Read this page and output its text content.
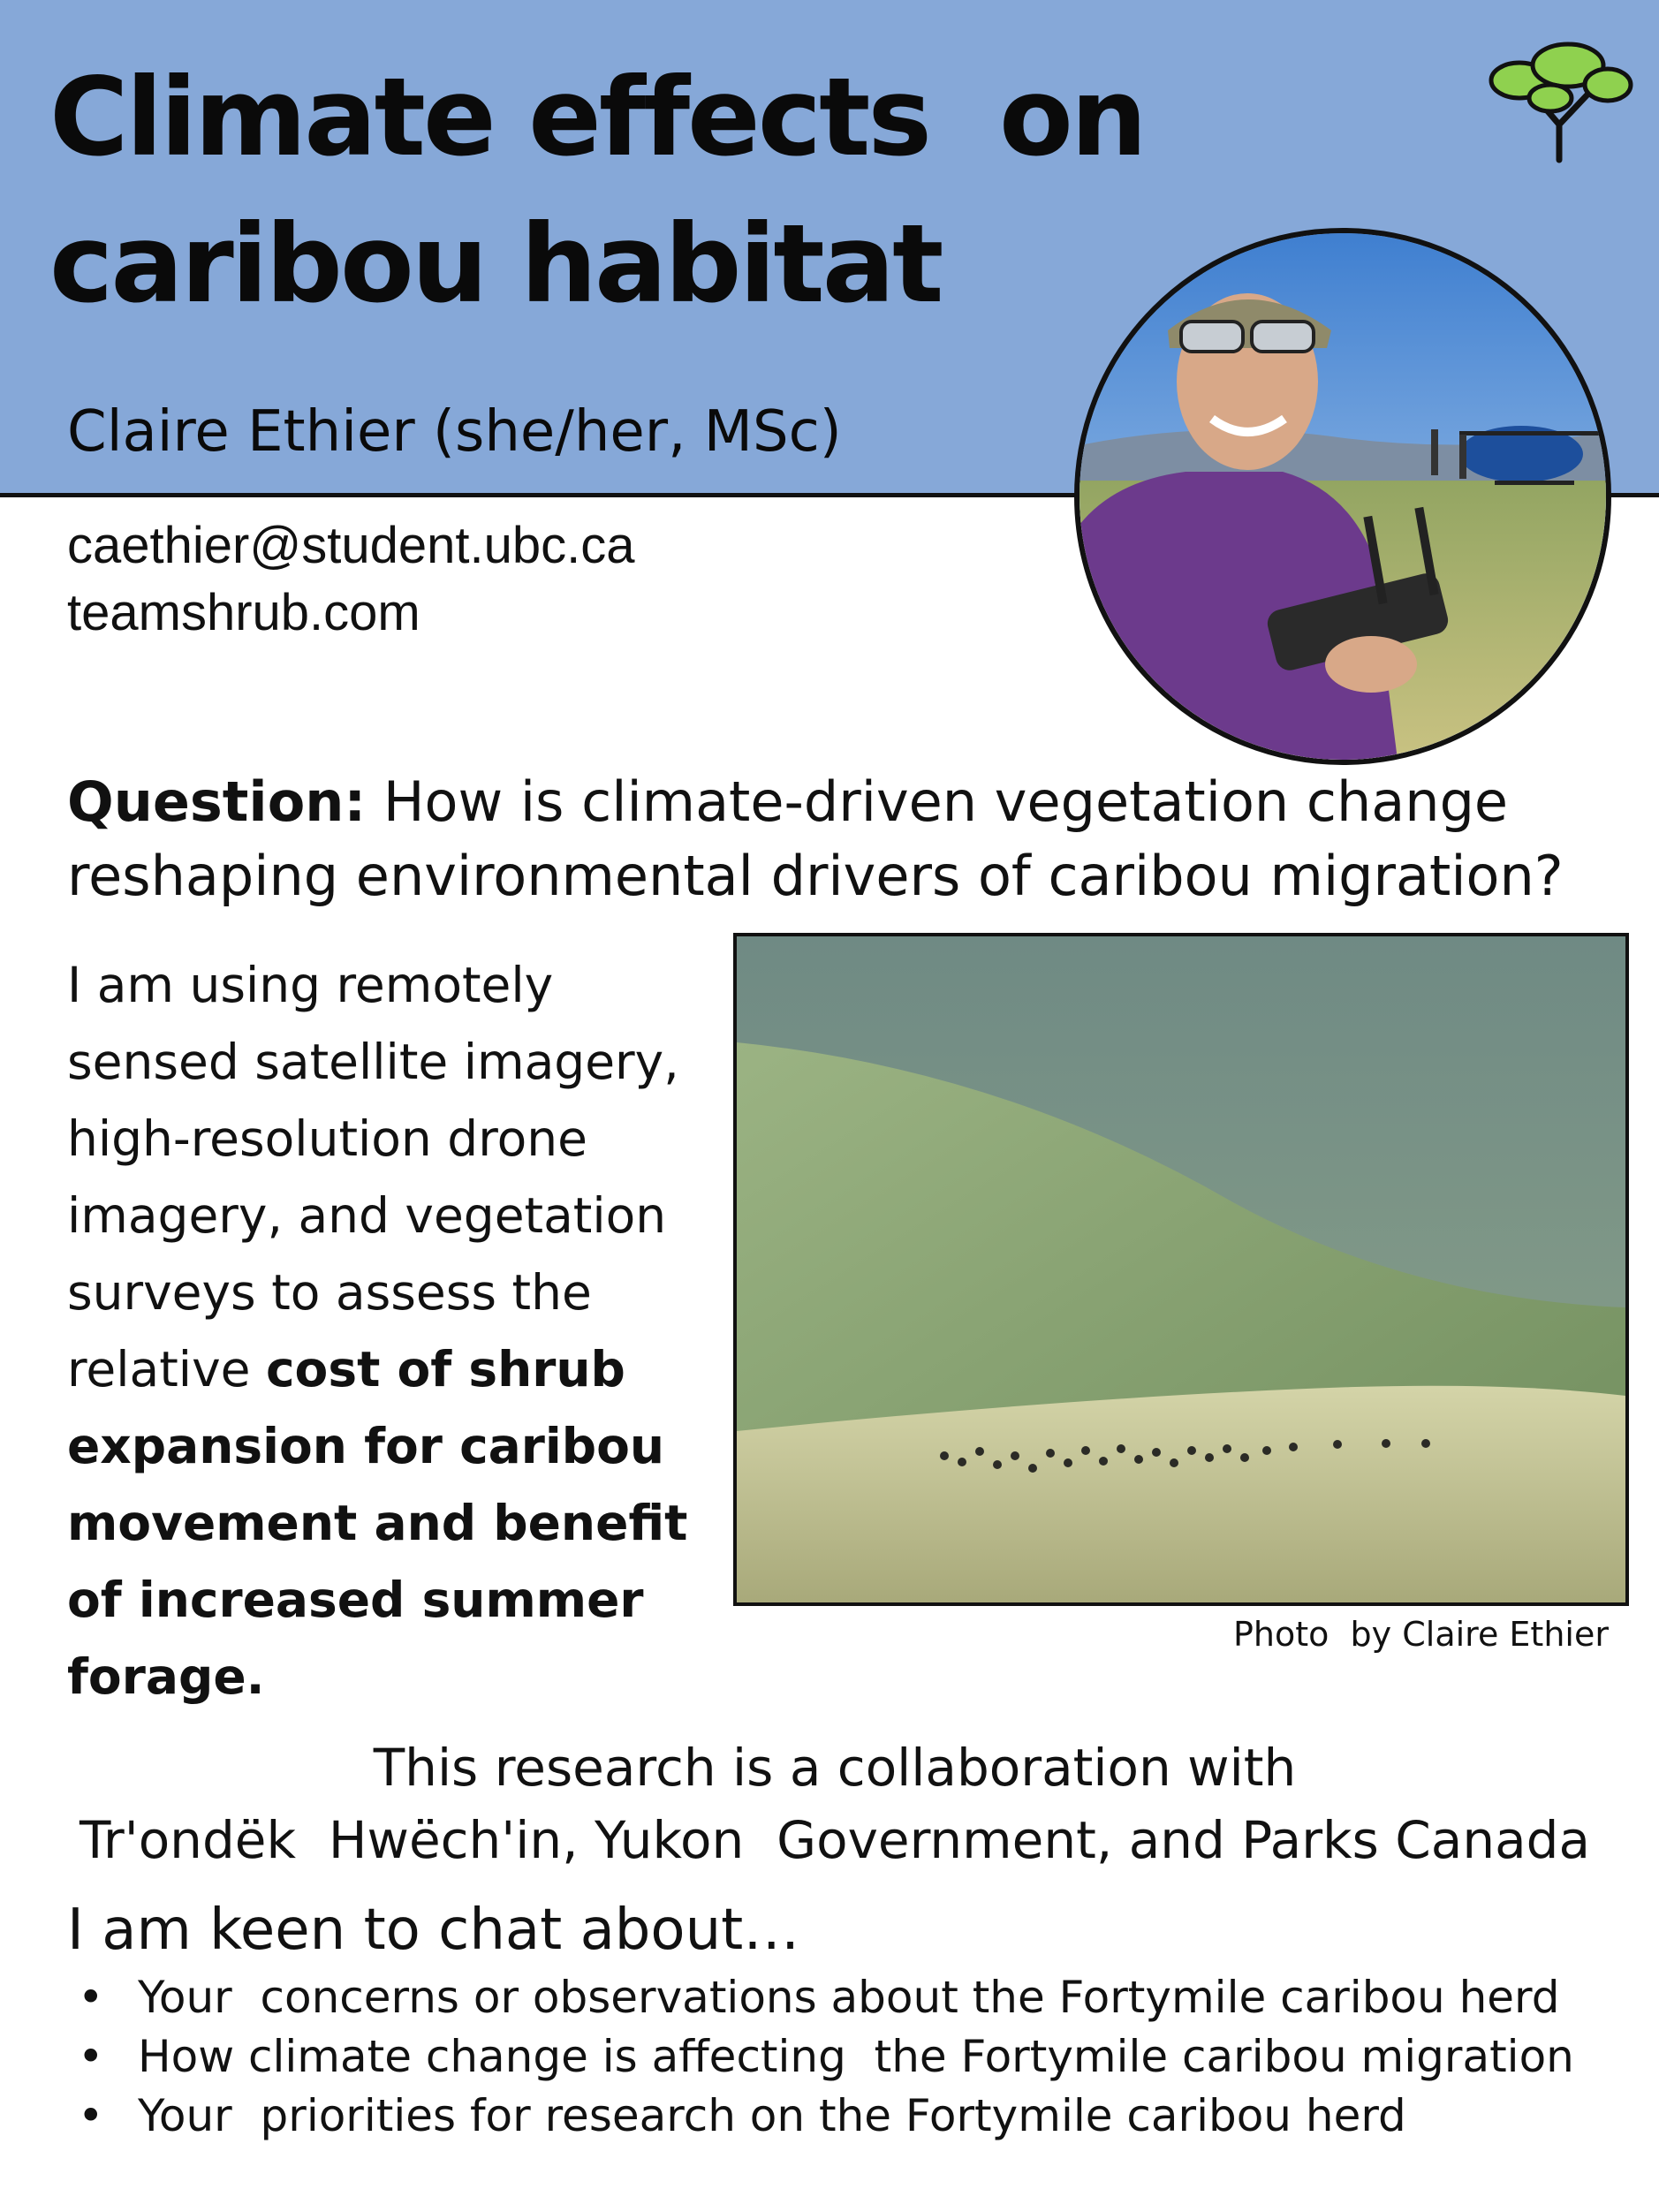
Climate effects  on
caribou habitat
Claire Ethier (she/her, MSc)
caethier@student.ubc.ca
teamshrub.com
Question: How is climate-driven vegetation change reshaping environmental drivers of caribou migration?
I am using remotely sensed satellite imagery, high-resolution drone imagery, and vegetation surveys to assess the relative cost of shrub expansion for caribou movement and benefit of increased summer forage.
Photo  by Claire Ethier
This research is a collaboration with
Tr'ondëk  Hwëch'in, Yukon  Government, and Parks Canada
I am keen to chat about…
• Your  concerns or observations about the Fortymile caribou herd
• How climate change is affecting  the Fortymile caribou migration
• Your  priorities for research on the Fortymile caribou herd
